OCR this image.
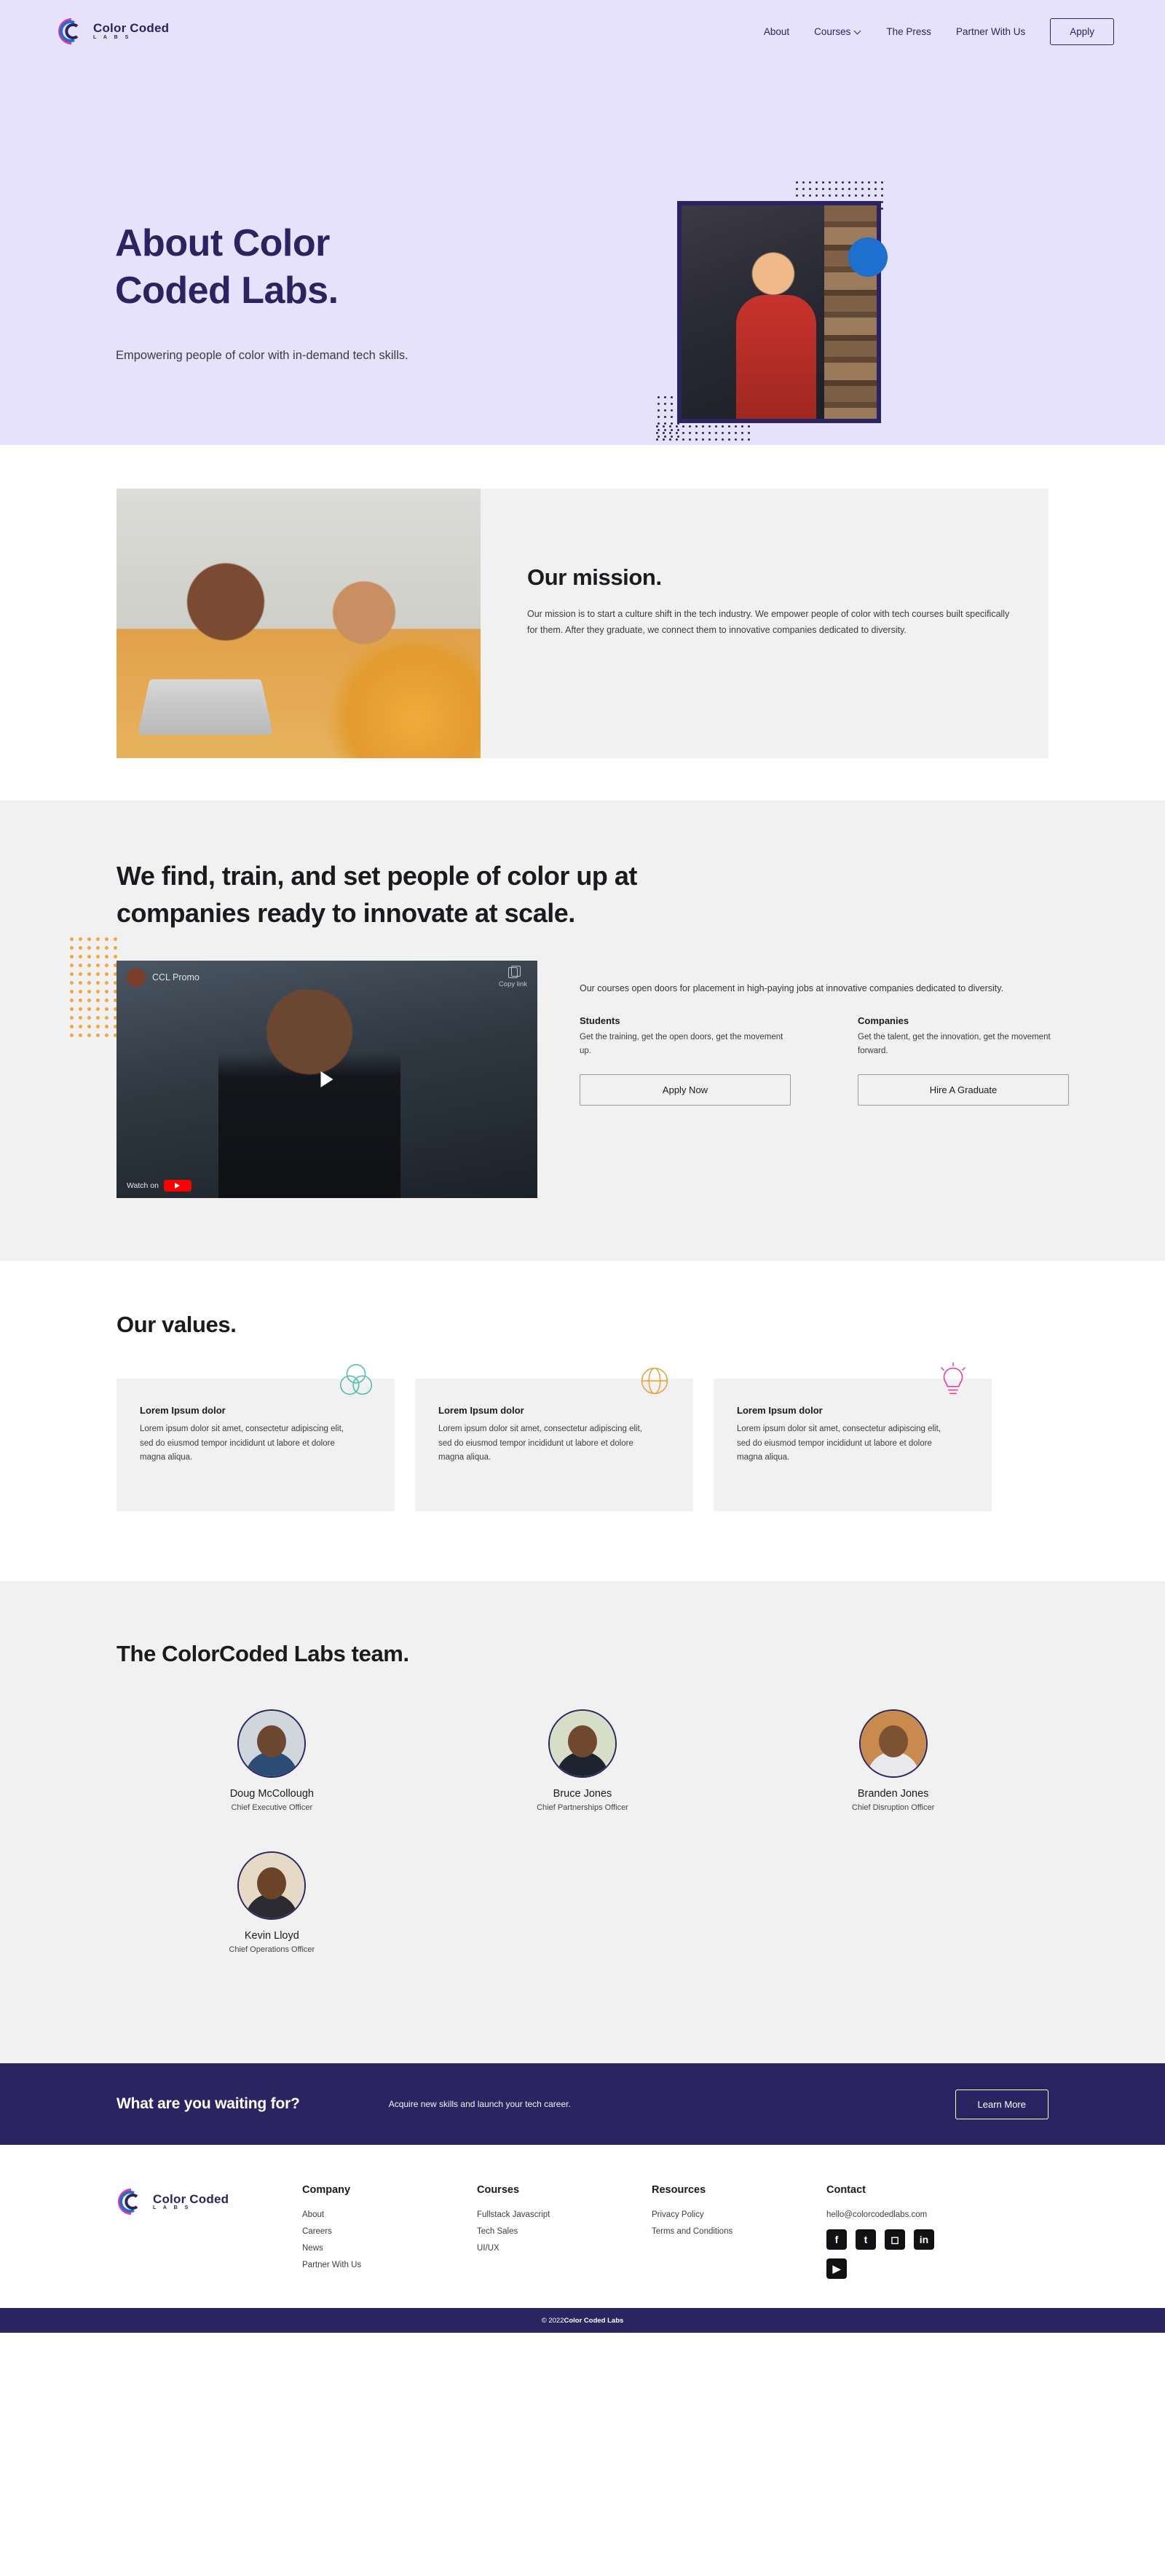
Color Coded
L A B S
About	Courses	The Press	Partner With Us	Apply
About Color
Coded Labs.
Empowering people of color with in-demand tech skills.
Our mission.

Our mission is to start a culture shift in the tech industry. We empower people of color with tech courses built specifically for them. After they graduate, we connect them to innovative companies dedicated to diversity.

We find, train, and set people of color up at companies ready to innovate at scale.
CCL Promo
Copy link
Watch on

Our courses open doors for placement in high-paying jobs at innovative companies dedicated to diversity.

Students

Get the training, get the open doors, get the movement up.

Apply Now
Companies

Get the talent, get the innovation, get the movement forward.

Hire A Graduate
Our values.
Lorem Ipsum dolor

Lorem ipsum dolor sit amet, consectetur adipiscing elit, sed do eiusmod tempor incididunt ut labore et dolore magna aliqua.

Lorem Ipsum dolor

Lorem ipsum dolor sit amet, consectetur adipiscing elit, sed do eiusmod tempor incididunt ut labore et dolore magna aliqua.

Lorem Ipsum dolor

Lorem ipsum dolor sit amet, consectetur adipiscing elit, sed do eiusmod tempor incididunt ut labore et dolore magna aliqua.

The ColorCoded Labs team.
Doug McCollough
Chief Executive Officer
Bruce Jones
Chief Partnerships Officer
Branden Jones
Chief Disruption Officer
Kevin Lloyd
Chief Operations Officer
What are you waiting for?	Acquire new skills and launch your tech career.	Learn More
Color Coded
L A B S
Company
About
Careers
News
Partner With Us
Courses
Fullstack Javascript
Tech Sales
UI/UX
Resources
Privacy Policy
Terms and Conditions
Contact
hello@colorcodedlabs.com
f	t	◻	in
▶
© 2022 Color Coded Labs
